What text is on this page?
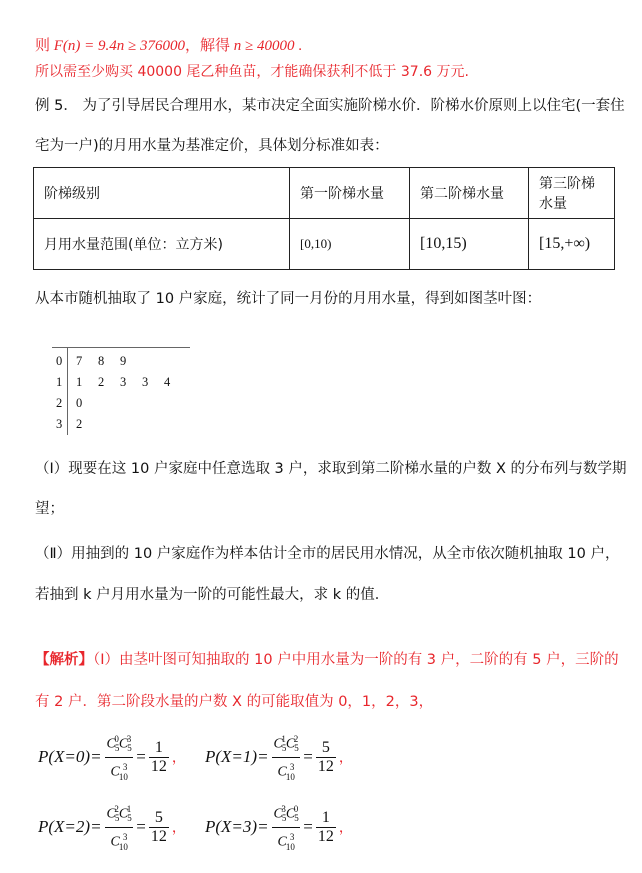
则 F(n) = 9.4n ≥ 376000，解得 n ≥ 40000 .
所以需至少购买 40000 尾乙种鱼苗，才能确保获利不低于 37.6 万元.
例 5． 为了引导居民合理用水，某市决定全面实施阶梯水价．阶梯水价原则上以住宅(一套住
宅为一户)的月用水量为基准定价，具体划分标准如表：
阶梯级别	第一阶梯水量	第二阶梯水量	第三阶梯水量
月用水量范围(单位：立方米)	[0,10)	[10,15)	[15,+∞)
从本市随机抽取了 10 户家庭，统计了同一月份的月用水量，得到如图茎叶图：
0 7 8 9
1 1 2 3 3 4
2 0
3 2
（Ⅰ）现要在这 10 户家庭中任意选取 3 户，求取到第二阶梯水量的户数 X 的分布列与数学期
望；
（Ⅱ）用抽到的 10 户家庭作为样本估计全市的居民用水情况，从全市依次随机抽取 10 户，
若抽到 k 户月用水量为一阶的可能性最大，求 k 的值．
【解析】（Ⅰ）由茎叶图可知抽取的 10 户中用水量为一阶的有 3 户，二阶的有 5 户，三阶的
有 2 户．第二阶段水量的户数 X 的可能取值为 0，1，2，3，
$P(X=0)= \frac{C_5^0C_5^3}{C_{10}^3} = \frac{1}{12}$ ， $P(X=1)= \frac{C_5^1C_5^2}{C_{10}^3} = \frac{5}{12}$ ，
$P(X=2)= \frac{C_5^2C_5^1}{C_{10}^3} = \frac{5}{12}$ ， $P(X=3)= \frac{C_5^3C_5^0}{C_{10}^3} = \frac{1}{12}$ ，
